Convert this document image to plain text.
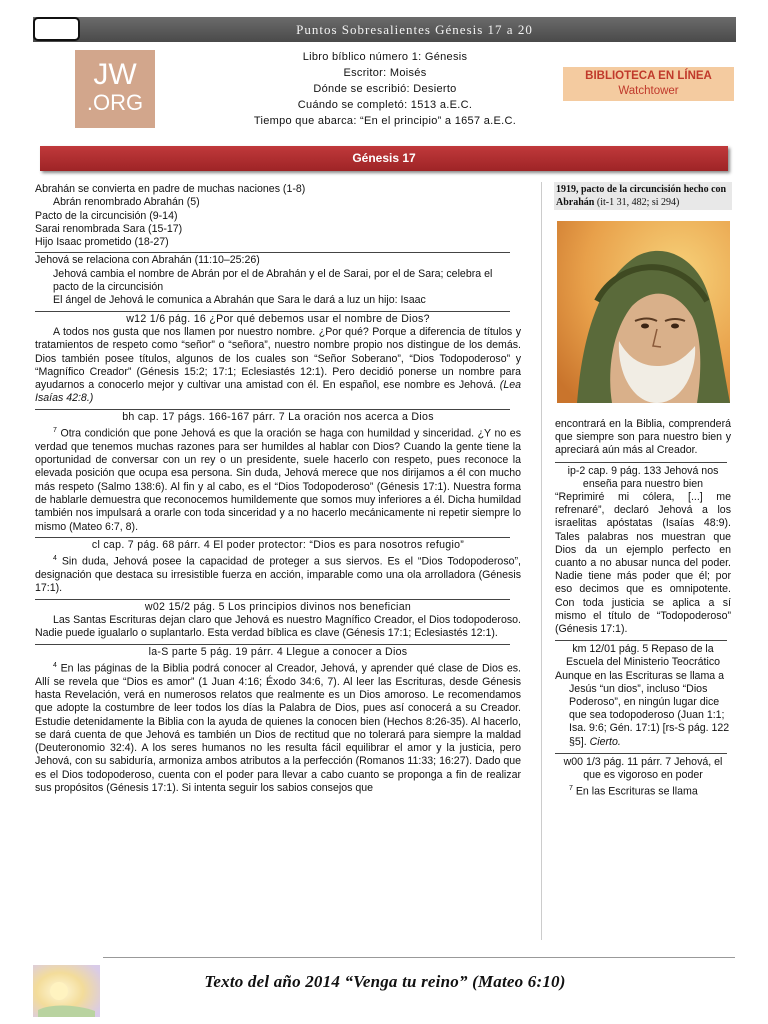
Puntos Sobresalientes Génesis 17 a 20
JW
.ORG
Libro bíblico número 1: Génesis
Escritor: Moisés
Dónde se escribió: Desierto
Cuándo se completó: 1513 a.E.C.
Tiempo que abarca: “En el principio” a 1657 a.E.C.
BIBLIOTECA EN LÍNEA
Watchtower
Génesis 17

Abrahán se convierta en padre de muchas naciones (1-8)

Abrán renombrado Abrahán (5)

Pacto de la circuncisión (9-14)

Sarai renombrada Sara (15-17)

Hijo Isaac prometido (18-27)

Jehová se relaciona con Abrahán (11:10–25:26)

Jehová cambia el nombre de Abrán por el de Abrahán y el de Sarai, por el de Sara; celebra el pacto de la circuncisión

El ángel de Jehová le comunica a Abrahán que Sara le dará a luz un hijo: Isaac

w12 1/6 pág. 16 ¿Por qué debemos usar el nombre de Dios?

A todos nos gusta que nos llamen por nuestro nombre. ¿Por qué? Porque a diferencia de títulos y tratamientos de respeto como “señor” o “señora”, nuestro nombre propio nos distingue de los demás. Dios también posee títulos, algunos de los cuales son “Señor Soberano”, “Dios Todopoderoso” y “Magnífico Creador” (Génesis 15:2; 17:1; Eclesiastés 12:1). Pero decidió ponerse un nombre para ayudarnos a conocerlo mejor y cultivar una amistad con él. En español, ese nombre es Jehová. (Lea Isaías 42:8.)

bh cap. 17 págs. 166-167 párr. 7 La oración nos acerca a Dios

$^7$ Otra condición que pone Jehová es que la oración se haga con humildad y sinceridad. ¿Y no es verdad que tenemos muchas razones para ser humildes al hablar con Dios? Cuando la gente tiene la oportunidad de conversar con un rey o un presidente, suele hacerlo con respeto, pues reconoce la elevada posición que ocupa esa persona. Sin duda, Jehová merece que nos dirijamos a él con mucho más respeto (Salmo 138:6). Al fin y al cabo, es el “Dios Todopoderoso” (Génesis 17:1). Nuestra forma de hablarle demuestra que reconocemos humildemente que somos muy inferiores a él. Dicha humildad también nos impulsará a orarle con toda sinceridad y a no hacerlo mecánicamente ni repetir siempre lo mismo (Mateo 6:7, 8).

cl cap. 7 pág. 68 párr. 4 El poder protector: “Dios es para nosotros refugio”

$^4$ Sin duda, Jehová posee la capacidad de proteger a sus siervos. Es el “Dios Todopoderoso”, designación que destaca su irresistible fuerza en acción, imparable como una ola arrolladora (Génesis 17:1).

w02 15/2 pág. 5 Los principios divinos nos benefician

Las Santas Escrituras dejan claro que Jehová es nuestro Magnífico Creador, el Dios todopoderoso. Nadie puede igualarlo o suplantarlo. Esta verdad bíblica es clave (Génesis 17:1; Eclesiastés 12:1).

la-S parte 5 pág. 19 párr. 4 Llegue a conocer a Dios

$^4$ En las páginas de la Biblia podrá conocer al Creador, Jehová, y aprender qué clase de Dios es. Allí se revela que “Dios es amor” (1 Juan 4:16; Éxodo 34:6, 7). Al leer las Escrituras, desde Génesis hasta Revelación, verá en numerosos relatos que realmente es un Dios amoroso. Le recomendamos que adopte la costumbre de leer todos los días la Palabra de Dios, pues así conocerá a su Creador. Estudie detenidamente la Biblia con la ayuda de quienes la conocen bien (Hechos 8:26-35). Al hacerlo, se dará cuenta de que Jehová es también un Dios de rectitud que no tolerará para siempre la maldad (Deuteronomio 32:4). A los seres humanos no les resulta fácil equilibrar el amor y la justicia, pero Jehová, con su sabiduría, armoniza ambos atributos a la perfección (Romanos 11:33; 16:27). Dado que es el Dios todopoderoso, cuenta con el poder para llevar a cabo cuanto se proponga a fin de realizar sus propósitos (Génesis 17:1). Si intenta seguir los sabios consejos que

1919, pacto de la circuncisión hecho con Abrahán (it-1 31, 482; si 294)

encontrará en la Biblia, comprenderá que siempre son para nuestro bien y apreciará aún más al Creador.

ip-2 cap. 9 pág. 133 Jehová nos enseña para nuestro bien

“Reprimiré mi cólera, [...] me refrenaré”, declaró Jehová a los israelitas apóstatas (Isaías 48:9). Tales palabras nos muestran que Dios da un ejemplo perfecto en cuanto a no abusar nunca del poder. Nadie tiene más poder que él; por eso decimos que es omnipotente. Con toda justicia se aplica a sí mismo el título de “Todopoderoso” (Génesis 17:1).

km 12/01 pág. 5 Repaso de la Escuela del Ministerio Teocrático

Aunque en las Escrituras se llama a Jesús “un dios”, incluso “Dios Poderoso”, en ningún lugar dice que sea todopoderoso (Juan 1:1; Isa. 9:6; Gén. 17:1) [rs-S pág. 122 §5]. Cierto.

w00 1/3 pág. 11 párr. 7 Jehová, el que es vigoroso en poder

$^7$ En las Escrituras se llama

Texto del año 2014 “Venga tu reino” (Mateo 6:10)
